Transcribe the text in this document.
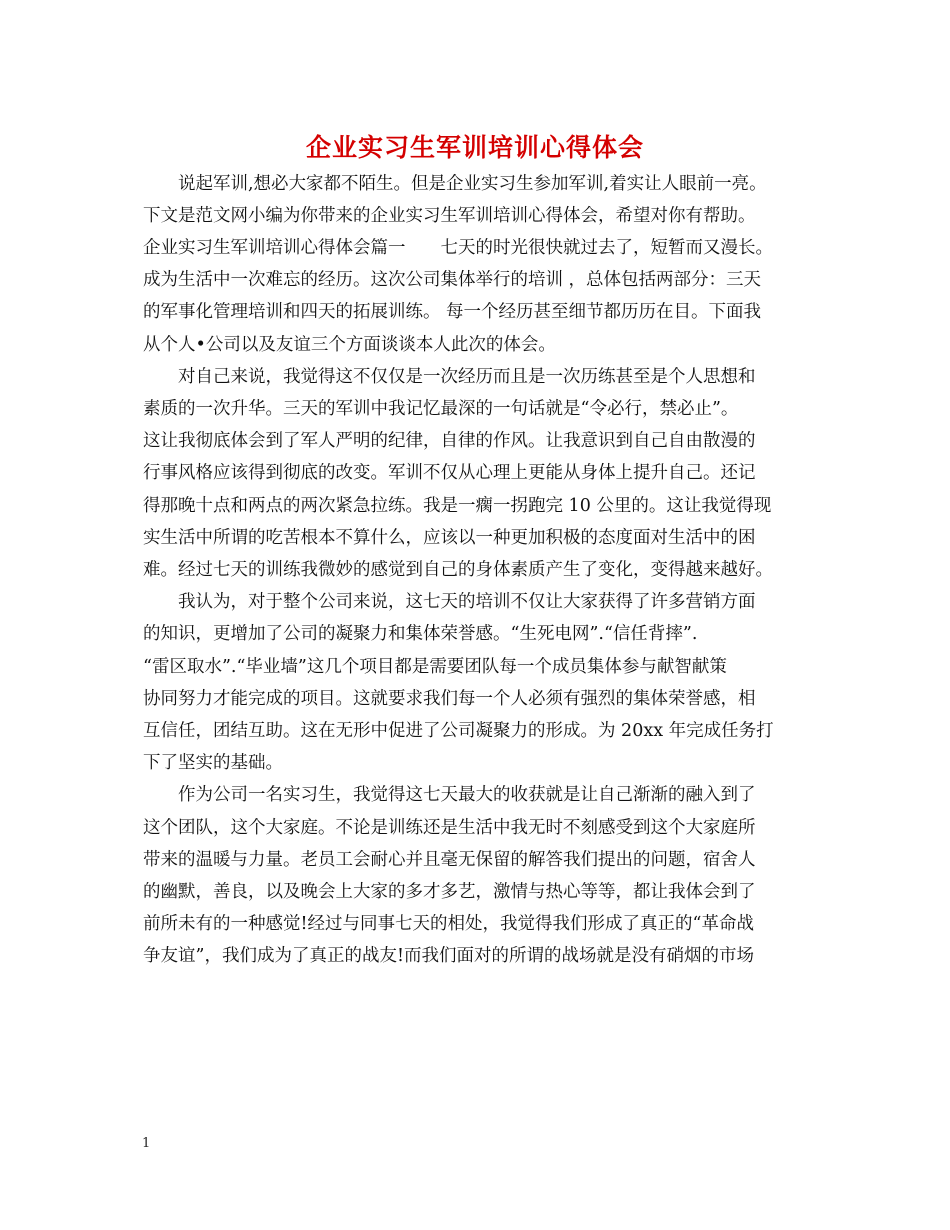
企业实习生军训培训心得体会

说起军训,想必大家都不陌生。但是企业实习生参加军训,着实让人眼前一亮。

下文是范文网小编为你带来的企业实习生军训培训心得体会，希望对你有帮助。

企业实习生军训培训心得体会篇一　　七天的时光很快就过去了，短暂而又漫长。

成为生活中一次难忘的经历。这次公司集体举行的培训 ，总体包括两部分：三天

的军事化管理培训和四天的拓展训练。 每一个经历甚至细节都历历在目。下面我

从个人•公司以及友谊三个方面谈谈本人此次的体会。

对自己来说，我觉得这不仅仅是一次经历而且是一次历练甚至是个人思想和

素质的一次升华。三天的军训中我记忆最深的一句话就是“令必行，禁必止”。

这让我彻底体会到了军人严明的纪律，自律的作风。让我意识到自己自由散漫的

行事风格应该得到彻底的改变。军训不仅从心理上更能从身体上提升自己。还记

得那晚十点和两点的两次紧急拉练。我是一瘸一拐跑完 10 公里的。这让我觉得现

实生活中所谓的吃苦根本不算什么，应该以一种更加积极的态度面对生活中的困

难。经过七天的训练我微妙的感觉到自己的身体素质产生了变化，变得越来越好。

我认为，对于整个公司来说，这七天的培训不仅让大家获得了许多营销方面

的知识，更增加了公司的凝聚力和集体荣誉感。“生死电网”.“信任背摔”.

“雷区取水”.“毕业墙”这几个项目都是需要团队每一个成员集体参与献智献策

协同努力才能完成的项目。这就要求我们每一个人必须有强烈的集体荣誉感，相

互信任，团结互助。这在无形中促进了公司凝聚力的形成。为 20xx 年完成任务打

下了坚实的基础。

作为公司一名实习生，我觉得这七天最大的收获就是让自己渐渐的融入到了

这个团队，这个大家庭。不论是训练还是生活中我无时不刻感受到这个大家庭所

带来的温暖与力量。老员工会耐心并且毫无保留的解答我们提出的问题，宿舍人

的幽默，善良，以及晚会上大家的多才多艺，激情与热心等等，都让我体会到了

前所未有的一种感觉!经过与同事七天的相处，我觉得我们形成了真正的“革命战

争友谊”，我们成为了真正的战友!而我们面对的所谓的战场就是没有硝烟的市场

1
